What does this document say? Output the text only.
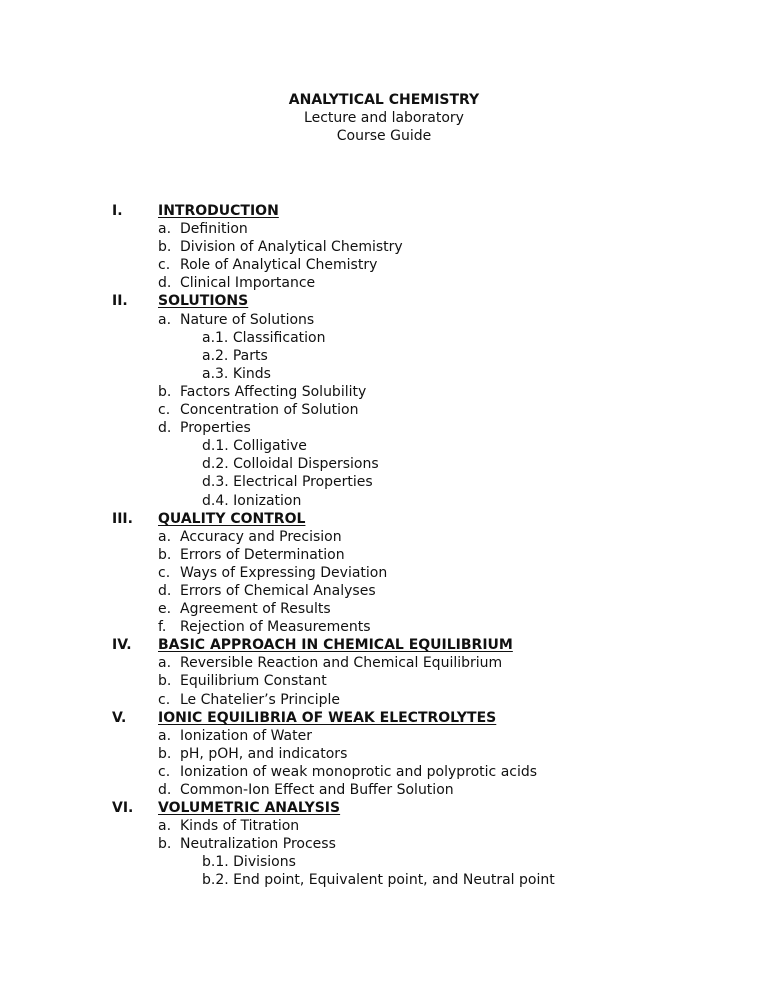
ANALYTICAL CHEMISTRY
Lecture and laboratory
Course Guide
I.	INTRODUCTION
a. Definition
b. Division of Analytical Chemistry
c. Role of Analytical Chemistry
d. Clinical Importance
II. SOLUTIONS
a. Nature of Solutions
a.1. Classification
a.2. Parts
a.3. Kinds
b. Factors Affecting Solubility
c. Concentration of Solution
d. Properties
d.1. Colligative
d.2. Colloidal Dispersions
d.3. Electrical Properties
d.4. Ionization
III. QUALITY CONTROL
a. Accuracy and Precision
b. Errors of Determination
c. Ways of Expressing Deviation
d. Errors of Chemical Analyses
e. Agreement of Results
f. Rejection of Measurements
IV. BASIC APPROACH IN CHEMICAL EQUILIBRIUM
a. Reversible Reaction and Chemical Equilibrium
b. Equilibrium Constant
c. Le Chatelier’s Principle
V. IONIC EQUILIBRIA OF WEAK ELECTROLYTES
a. Ionization of Water
b. pH, pOH, and indicators
c. Ionization of weak monoprotic and polyprotic acids
d. Common-Ion Effect and Buffer Solution
VI. VOLUMETRIC ANALYSIS
a. Kinds of Titration
b. Neutralization Process
b.1. Divisions
b.2. End point, Equivalent point, and Neutral point
